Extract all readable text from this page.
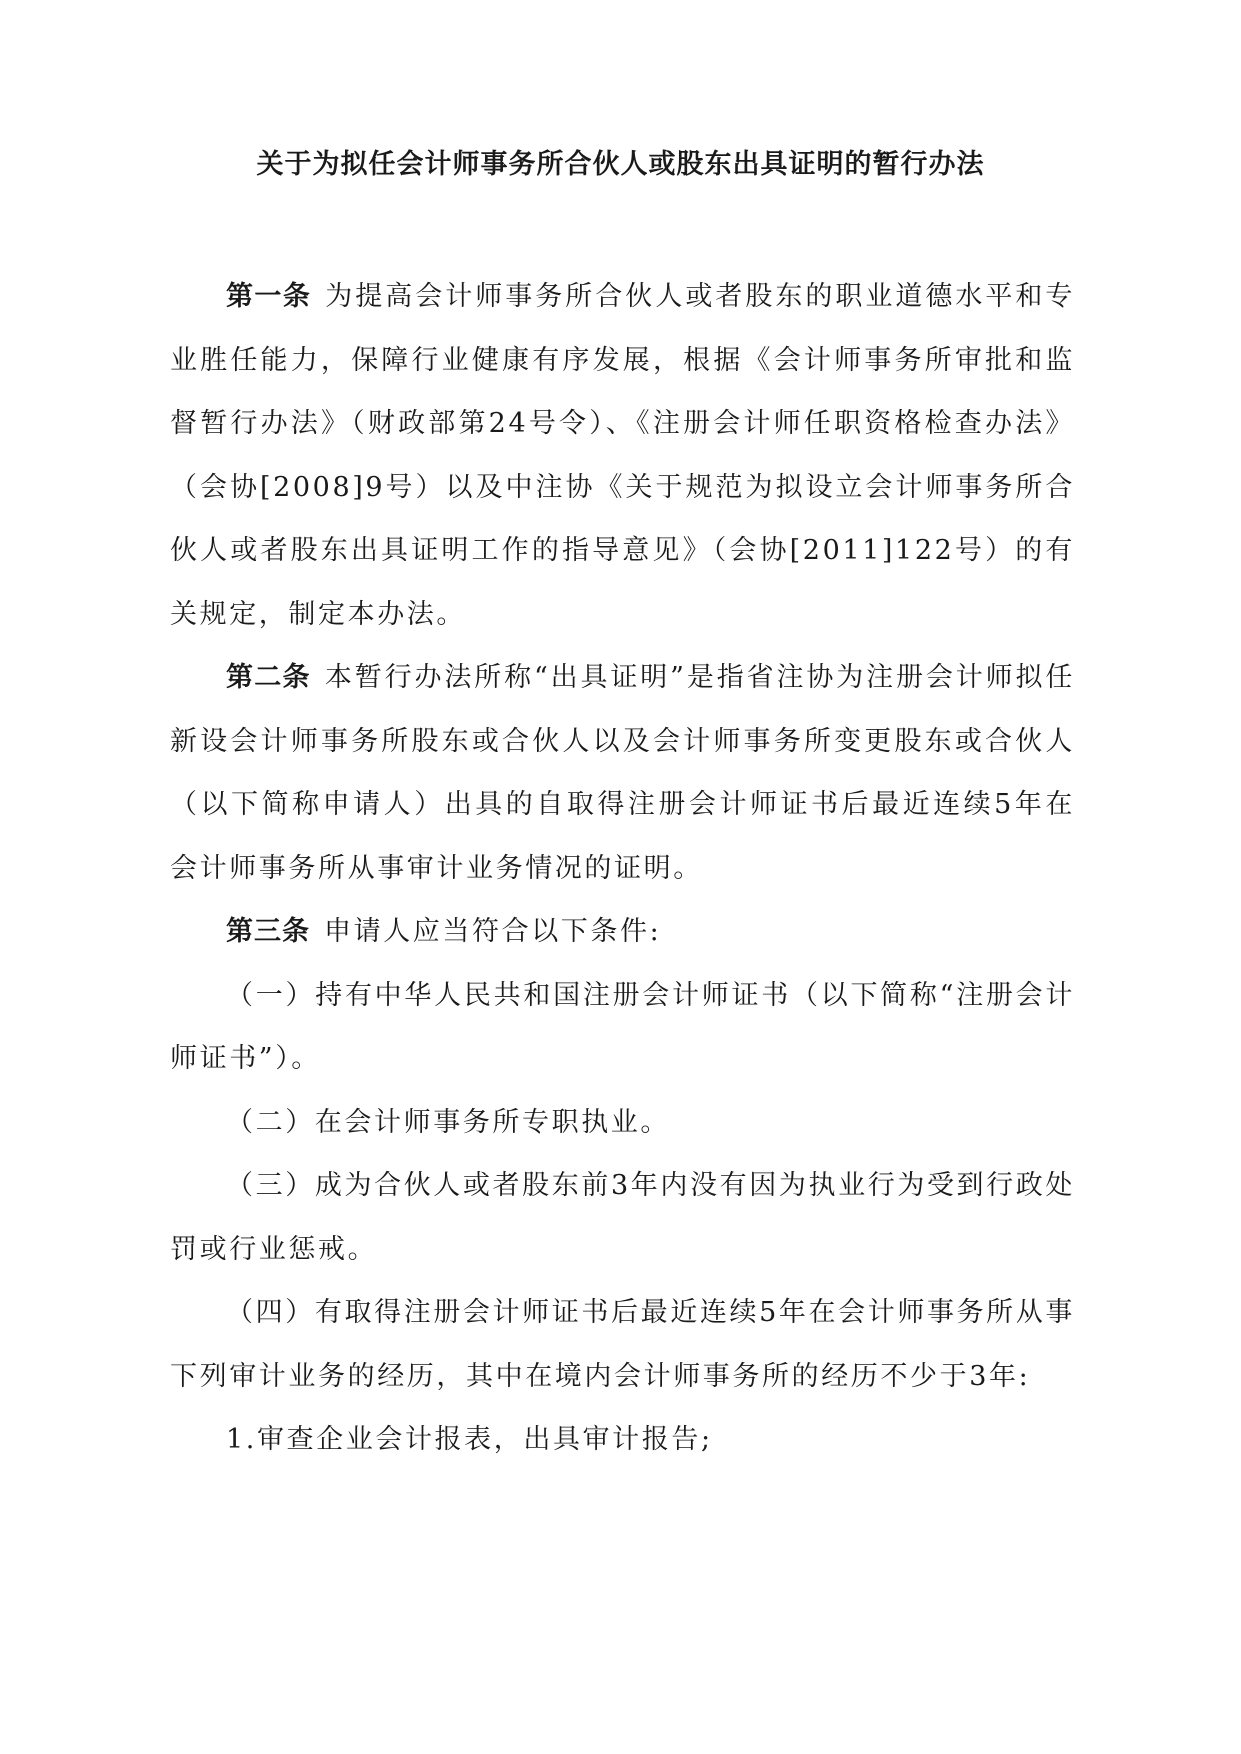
关于为拟任会计师事务所合伙人或股东出具证明的暂行办法

第一条 为提高会计师事务所合伙人或者股东的职业道德水平和专业胜任能力，保障行业健康有序发展，根据《会计师事务所审批和监督暂行办法》（财政部第24号令）、《注册会计师任职资格检查办法》（会协[2008]9号）以及中注协《关于规范为拟设立会计师事务所合伙人或者股东出具证明工作的指导意见》（会协[2011]122号）的有关规定，制定本办法。

第二条 本暂行办法所称“出具证明”是指省注协为注册会计师拟任新设会计师事务所股东或合伙人以及会计师事务所变更股东或合伙人（以下简称申请人）出具的自取得注册会计师证书后最近连续5年在会计师事务所从事审计业务情况的证明。

第三条 申请人应当符合以下条件:

（一）持有中华人民共和国注册会计师证书（以下简称“注册会计师证书”）。

（二）在会计师事务所专职执业。

（三）成为合伙人或者股东前3年内没有因为执业行为受到行政处罚或行业惩戒。

（四）有取得注册会计师证书后最近连续5年在会计师事务所从事下列审计业务的经历，其中在境内会计师事务所的经历不少于3年:

1.审查企业会计报表，出具审计报告;
